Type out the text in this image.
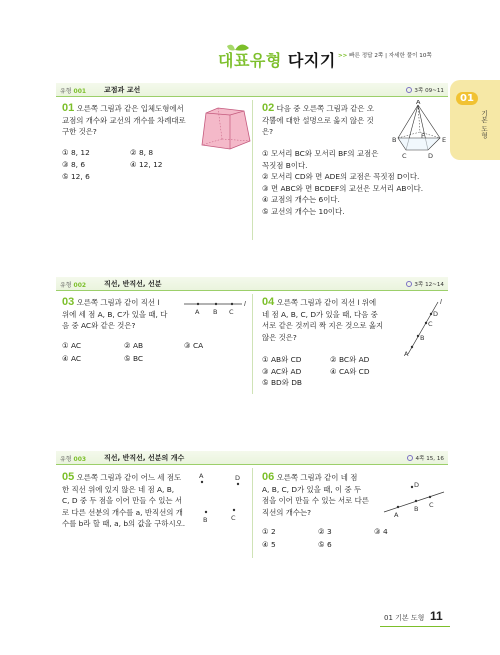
대표유형 다지기 >> 빠른 정답 2쪽 | 자세한 풀이 10쪽
01
기본 도형
유형 001	교점과 교선	3쪽 09~11
01 오른쪽 그림과 같은 입체도형에서
교점의 개수와 교선의 개수를 차례대로
구한 것은?
① 8, 12	② 8, 8
③ 8, 6	④ 12, 12
⑤ 12, 6
02 다음 중 오른쪽 그림과 같은 오
각뿔에 대한 설명으로 옳지 않은 것
은?
A
B
C	D
E
F
① 모서리 BC와 모서리 BF의 교점은
꼭짓점 B이다.
② 모서리 CD와 면 ADE의 교점은 꼭짓점 D이다.
③ 면 ABC와 면 BCDEF의 교선은 모서리 AB이다.
④ 교점의 개수는 6이다.
⑤ 교선의 개수는 10이다.
유형 002	직선, 반직선, 선분	3쪽 12~14
03 오른쪽 그림과 같이 직선 l
위에 세 점 A, B, C가 있을 때, 다
음 중 AC와 같은 것은?
A B C
l
① AC	② AB	③ CA
④ AC	⑤ BC
04 오른쪽 그림과 같이 직선 l 위에
네 점 A, B, C, D가 있을 때, 다음 중
서로 같은 것끼리 짝 지은 것으로 옳지
않은 것은?
A
B
C
D
l
① AB와 CD	② BC와 AD
③ AC와 AD	④ CA와 CD
⑤ BD와 DB
유형 003	직선, 반직선, 선분의 개수	4쪽 15, 16
05 오른쪽 그림과 같이 어느 세 점도
한 직선 위에 있지 않은 네 점 A, B,
C, D 중 두 점을 이어 만들 수 있는 서
로 다른 선분의 개수를 a, 반직선의 개
수를 b라 할 때, a, b의 값을 구하시오.
A
B	C
D 06 오른쪽 그림과 같이 네 점
A, B, C, D가 있을 때, 이 중 두
점을 이어 만들 수 있는 서로 다른
직선의 개수는?	A
B C
D
① 2	② 3	③ 4
④ 5	⑤ 6
01 기본 도형 11
